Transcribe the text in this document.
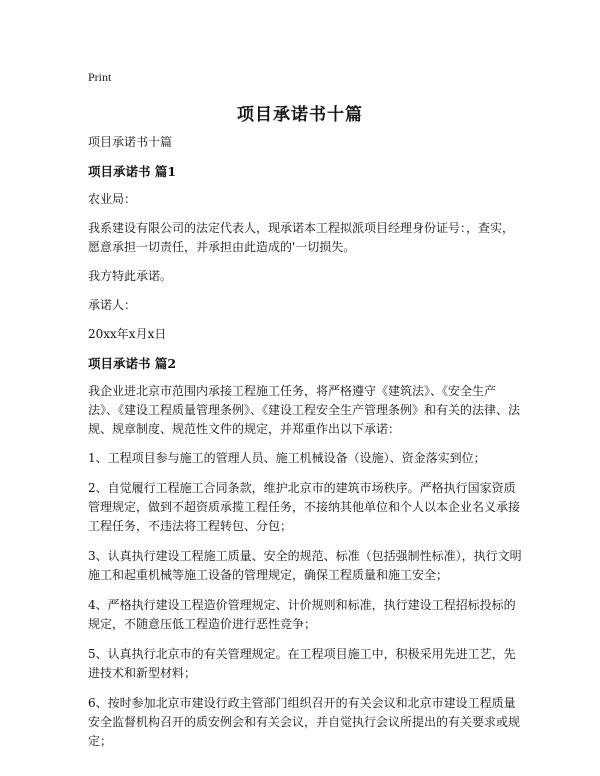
Print
项目承诺书十篇

项目承诺书十篇

项目承诺书 篇1

农业局：

我系建设有限公司的法定代表人，现承诺本工程拟派项目经理身份证号：，查实，愿意承担一切责任，并承担由此造成的'一切损失。

我方特此承诺。

承诺人：

20xx年x月x日

项目承诺书 篇2

我企业进北京市范围内承接工程施工任务，将严格遵守《建筑法》、《安全生产法》、《建设工程质量管理条例》、《建设工程安全生产管理条例》和有关的法律、法规、规章制度、规范性文件的规定，并郑重作出以下承诺：

1、工程项目参与施工的管理人员、施工机械设备（设施）、资金落实到位；

2、自觉履行工程施工合同条款，维护北京市的建筑市场秩序。严格执行国家资质管理规定，做到不超资质承揽工程任务，不接纳其他单位和个人以本企业名义承接工程任务，不违法将工程转包、分包；

3、认真执行建设工程施工质量、安全的规范、标准（包括强制性标准），执行文明施工和起重机械等施工设备的管理规定，确保工程质量和施工安全；

4、严格执行建设工程造价管理规定、计价规则和标准，执行建设工程招标投标的规定，不随意压低工程造价进行恶性竞争；

5、认真执行北京市的有关管理规定。在工程项目施工中，积极采用先进工艺，先进技术和新型材料；

6、按时参加北京市建设行政主管部门组织召开的有关会议和北京市建设工程质量安全监督机构召开的质安例会和有关会议，并自觉执行会议所提出的有关要求或规定；
